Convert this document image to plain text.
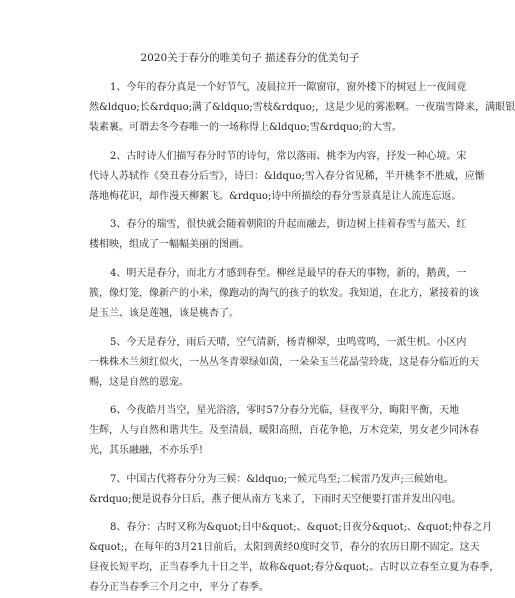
2020关于春分的唯美句子 描述春分的优美句子
1、今年的春分真是一个好节气，凌晨拉开一隙窗帘，窗外楼下的树冠上一夜间竟
然&ldquo;长&rdquo;满了&ldquo;雪枝&rdquo;，这是少见的雾凇啊。一夜瑞雪降来，满眼银
装素裹。可谓去冬今春唯一的一场称得上&ldquo;雪&rdquo;的大雪。
2、古时诗人们描写春分时节的诗句，常以落雨、桃李为内容，抒发一种心境。宋
代诗人苏轼作《癸丑春分后雪》，诗曰：&ldquo;雪入春分省见稀，半开桃李不胜威，应惭
落地梅花识，却作漫天柳絮飞。&rdquo;诗中所描绘的春分雪景真是让人流连忘返。
3、春分的瑞雪，很快就会随着朝阳的升起而融去，街边树上挂着春雪与蓝天、红
楼相映，组成了一幅幅美丽的图画。
4、明天是春分，而北方才感到春至。柳丝是最早的春天的事物，新的，鹅黄，一
簇，像灯笼，像新产的小米，像跑动的淘气的孩子的软发。我知道，在北方，紧接着的该
是玉兰、该是莲翘，该是桃杏了。
5、今天是春分，雨后天晴，空气清新，杨青柳翠，虫鸣莺鸣，一派生机。小区内
一株株木兰须红似火，一丛丛冬青翠绿如茵，一朵朵玉兰花晶莹玲珑，这是春分临近的天
赐，这是自然的恩宠。
6、今夜皓月当空，星光浴溶，零时57分春分光临，昼夜平分，晦阳平衡，天地
生辉，人与自然和谐共生。及至清晨，暖阳高照，百花争艳，万木竞荣，男女老少同沐春
光，其乐融融，不亦乐乎!
7、中国古代将春分分为三候：&ldquo;一候元鸟至;二候雷乃发声;三候始电。
&rdquo;便是说春分日后，燕子便从南方飞来了，下雨时天空便要打雷并发出闪电。
8、春分：古时又称为&quot;日中&quot;、&quot;日夜分&quot;、&quot;仲春之月
&quot;，在每年的3月21日前后，太阳到黄经0度时交节，春分的农历日期不固定。这天
昼夜长短平均，正当春季九十日之半，故称&quot;春分&quot;。古时以立春至立夏为春季，
春分正当春季三个月之中，平分了春季。
